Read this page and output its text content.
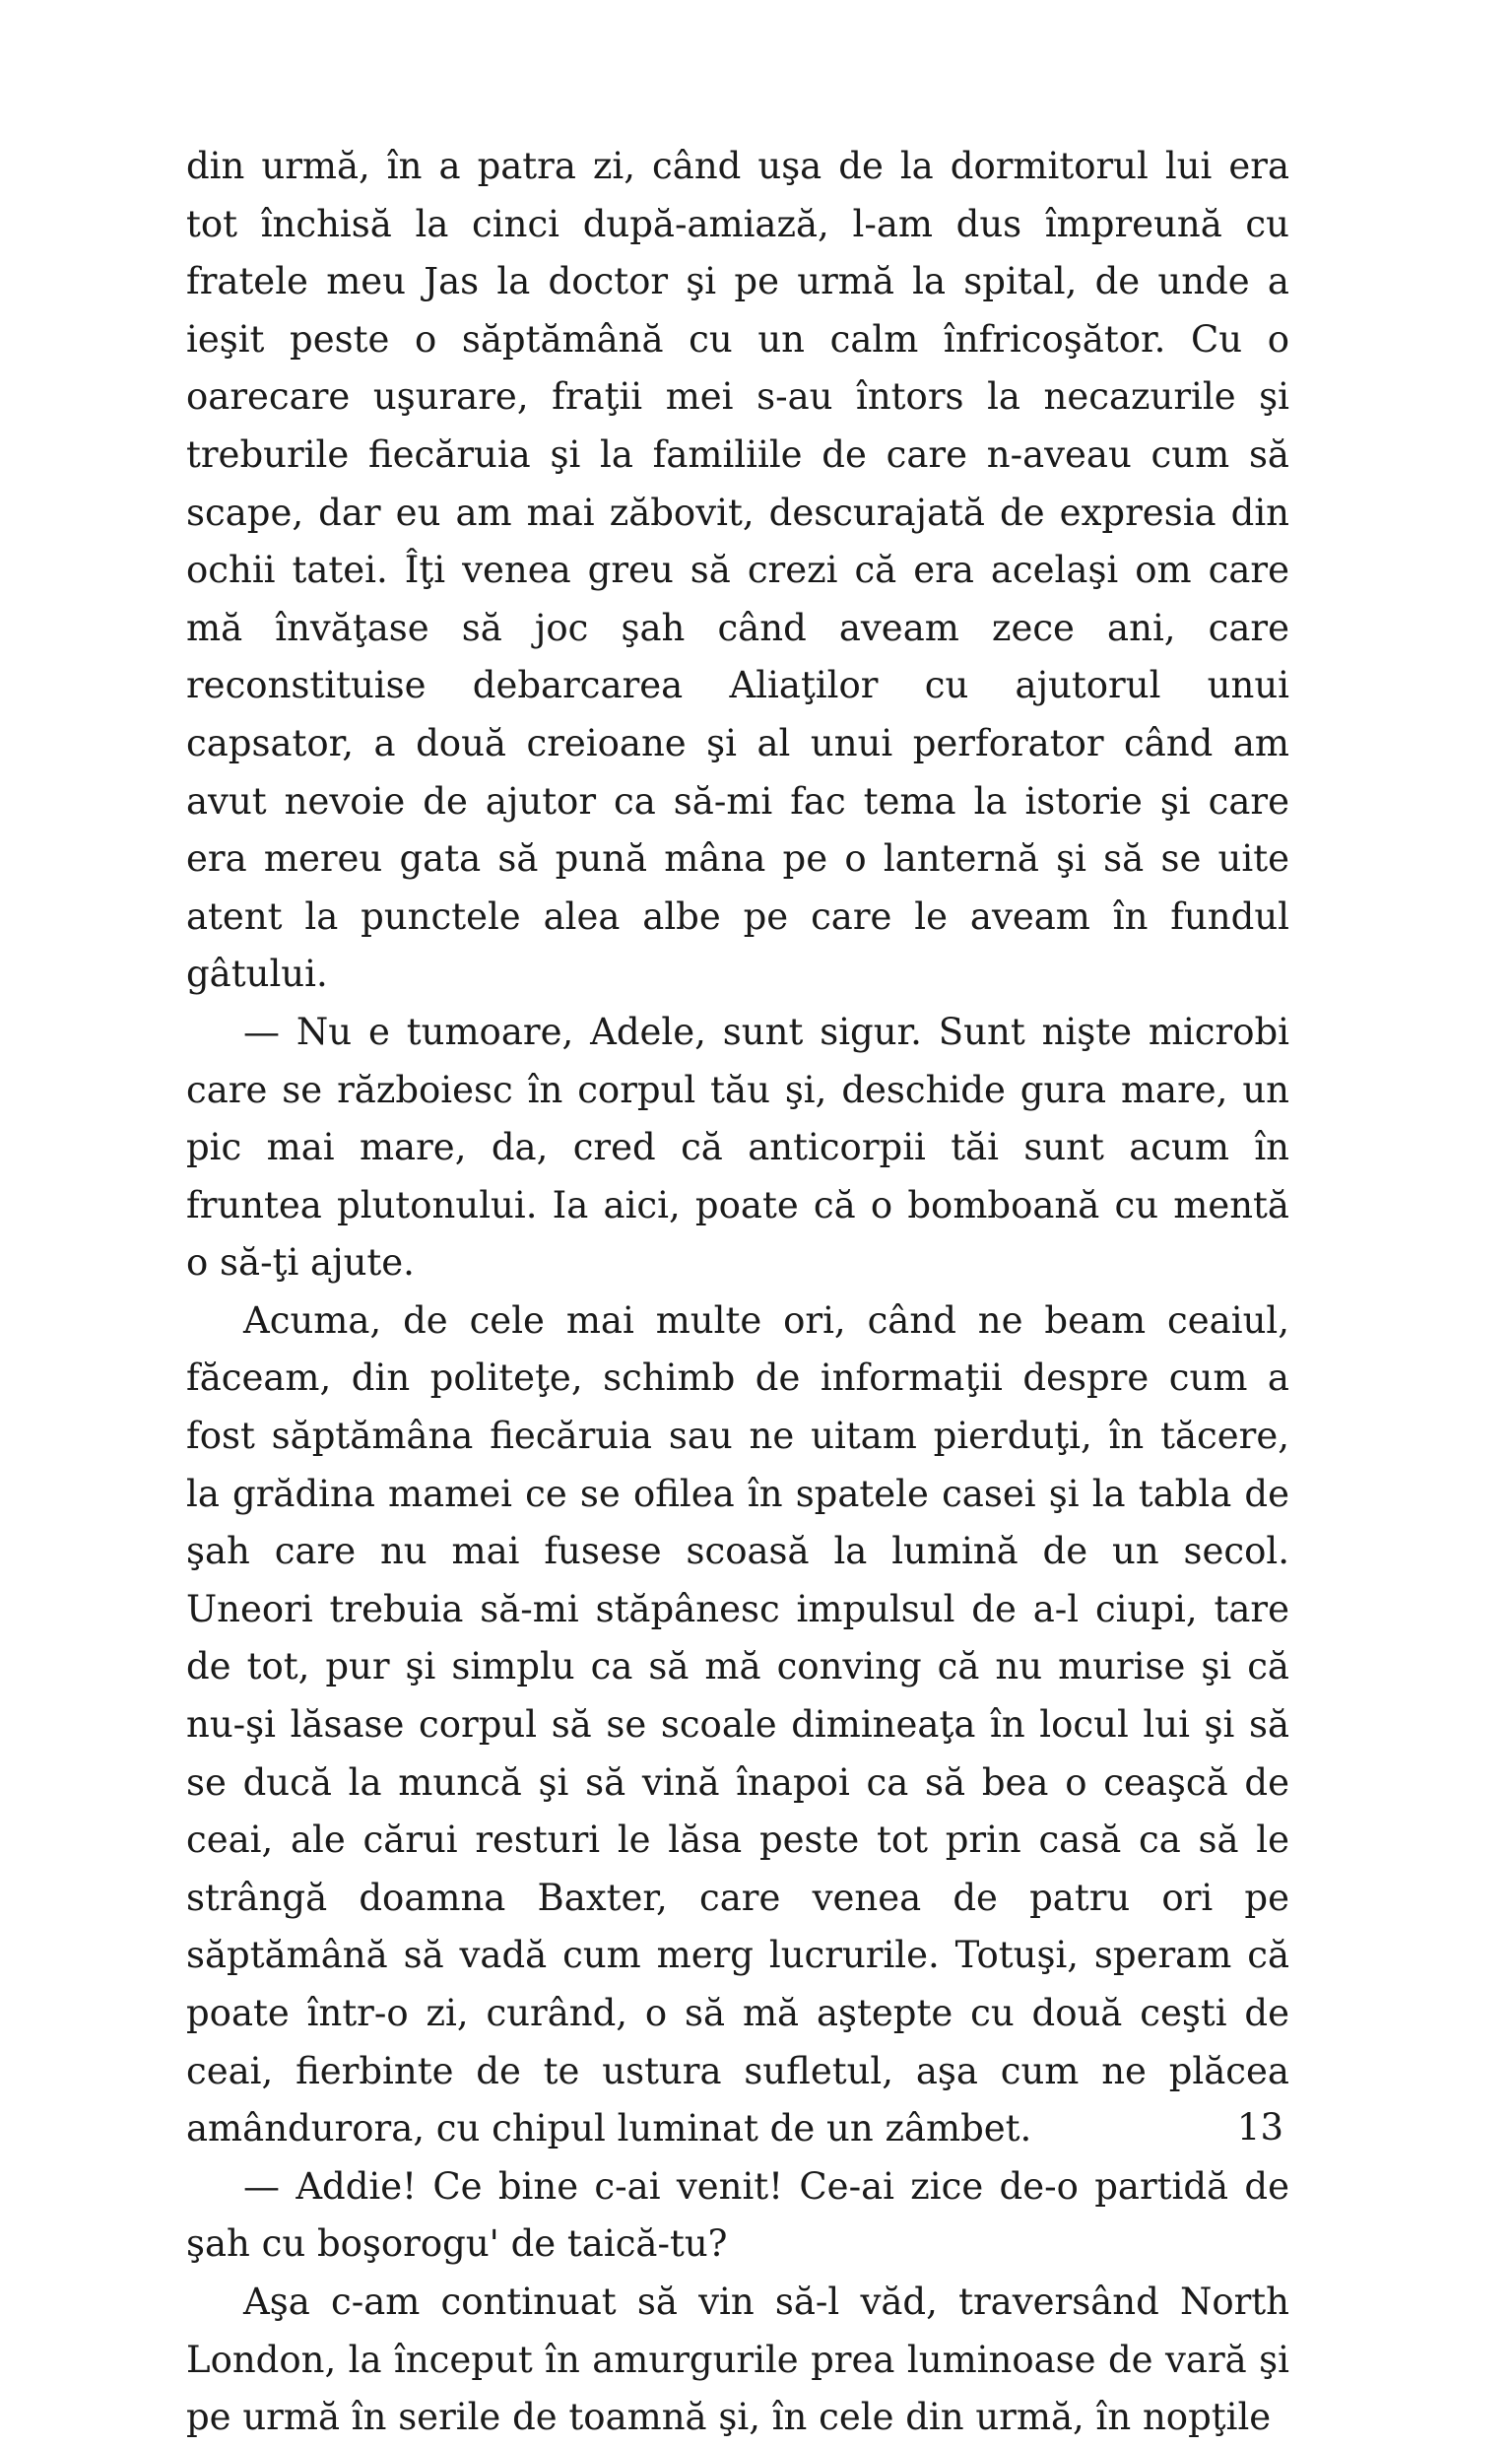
din urmă, în a patra zi, când uşa de la dormitorul lui era tot închisă la cinci după-amiază, l-am dus împreună cu fratele meu Jas la doctor şi pe urmă la spital, de unde a ieşit peste o săptămână cu un calm înfricoşător. Cu o oarecare uşurare, fraţii mei s-au întors la necazurile şi treburile fiecăruia şi la familiile de care n-aveau cum să scape, dar eu am mai zăbovit, descurajată de expresia din ochii tatei. Îţi venea greu să crezi că era acelaşi om care mă învăţase să joc şah când aveam zece ani, care reconstituise debarcarea Aliaţilor cu ajutorul unui capsator, a două creioane şi al unui perforator când am avut nevoie de ajutor ca să-mi fac tema la istorie şi care era mereu gata să pună mâna pe o lanternă şi să se uite atent la punctele alea albe pe care le aveam în fundul gâtului.

— Nu e tumoare, Adele, sunt sigur. Sunt nişte microbi care se războiesc în corpul tău şi, deschide gura mare, un pic mai mare, da, cred că anticorpii tăi sunt acum în fruntea plutonului. Ia aici, poate că o bomboană cu mentă o să-ţi ajute.

Acuma, de cele mai multe ori, când ne beam ceaiul, făceam, din politeţe, schimb de informaţii despre cum a fost săptămâna fiecăruia sau ne uitam pierduţi, în tăcere, la grădina mamei ce se ofilea în spatele casei şi la tabla de şah care nu mai fusese scoasă la lumină de un secol. Uneori trebuia să-mi stăpânesc impulsul de a-l ciupi, tare de tot, pur şi simplu ca să mă conving că nu murise şi că nu-şi lăsase corpul să se scoale dimineaţa în locul lui şi să se ducă la muncă şi să vină înapoi ca să bea o ceaşcă de ceai, ale cărui resturi le lăsa peste tot prin casă ca să le strângă doamna Baxter, care venea de patru ori pe săptămână să vadă cum merg lucrurile. Totuşi, speram că poate într-o zi, curând, o să mă aştepte cu două ceşti de ceai, fierbinte de te ustura sufletul, aşa cum ne plăcea amândurora, cu chipul luminat de un zâmbet.

— Addie! Ce bine c-ai venit! Ce-ai zice de-o partidă de şah cu boşorogu' de taică-tu?

Aşa c-am continuat să vin să-l văd, traversând North London, la început în amurgurile prea luminoase de vară şi pe urmă în serile de toamnă şi, în cele din urmă, în nopţile

13
